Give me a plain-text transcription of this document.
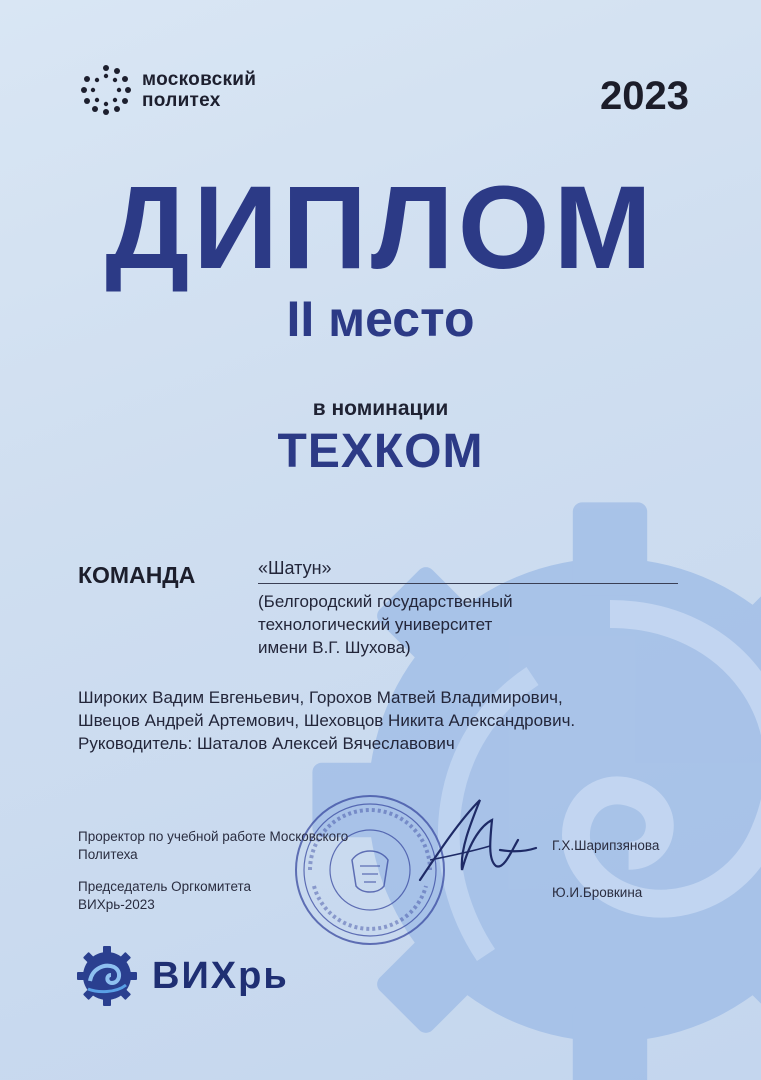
московский
политех	2023
ДИПЛОМ
II место
в номинации
ТЕХКОМ
КОМАНДА	«Шатун»
(Белгородский государственный
технологический университет
имени В.Г. Шухова)
Широких Вадим Евгеньевич, Горохов Матвей Владимирович,
Швецов Андрей Артемович, Шеховцов Никита Александрович.
Руководитель: Шаталов Алексей Вячеславович
Проректор по учебной работе Московского
Политеха
Г.Х.Шарипзянова
Председатель Оргкомитета
ВИХрь-2023
Ю.И.Бровкина
ВИХрь
